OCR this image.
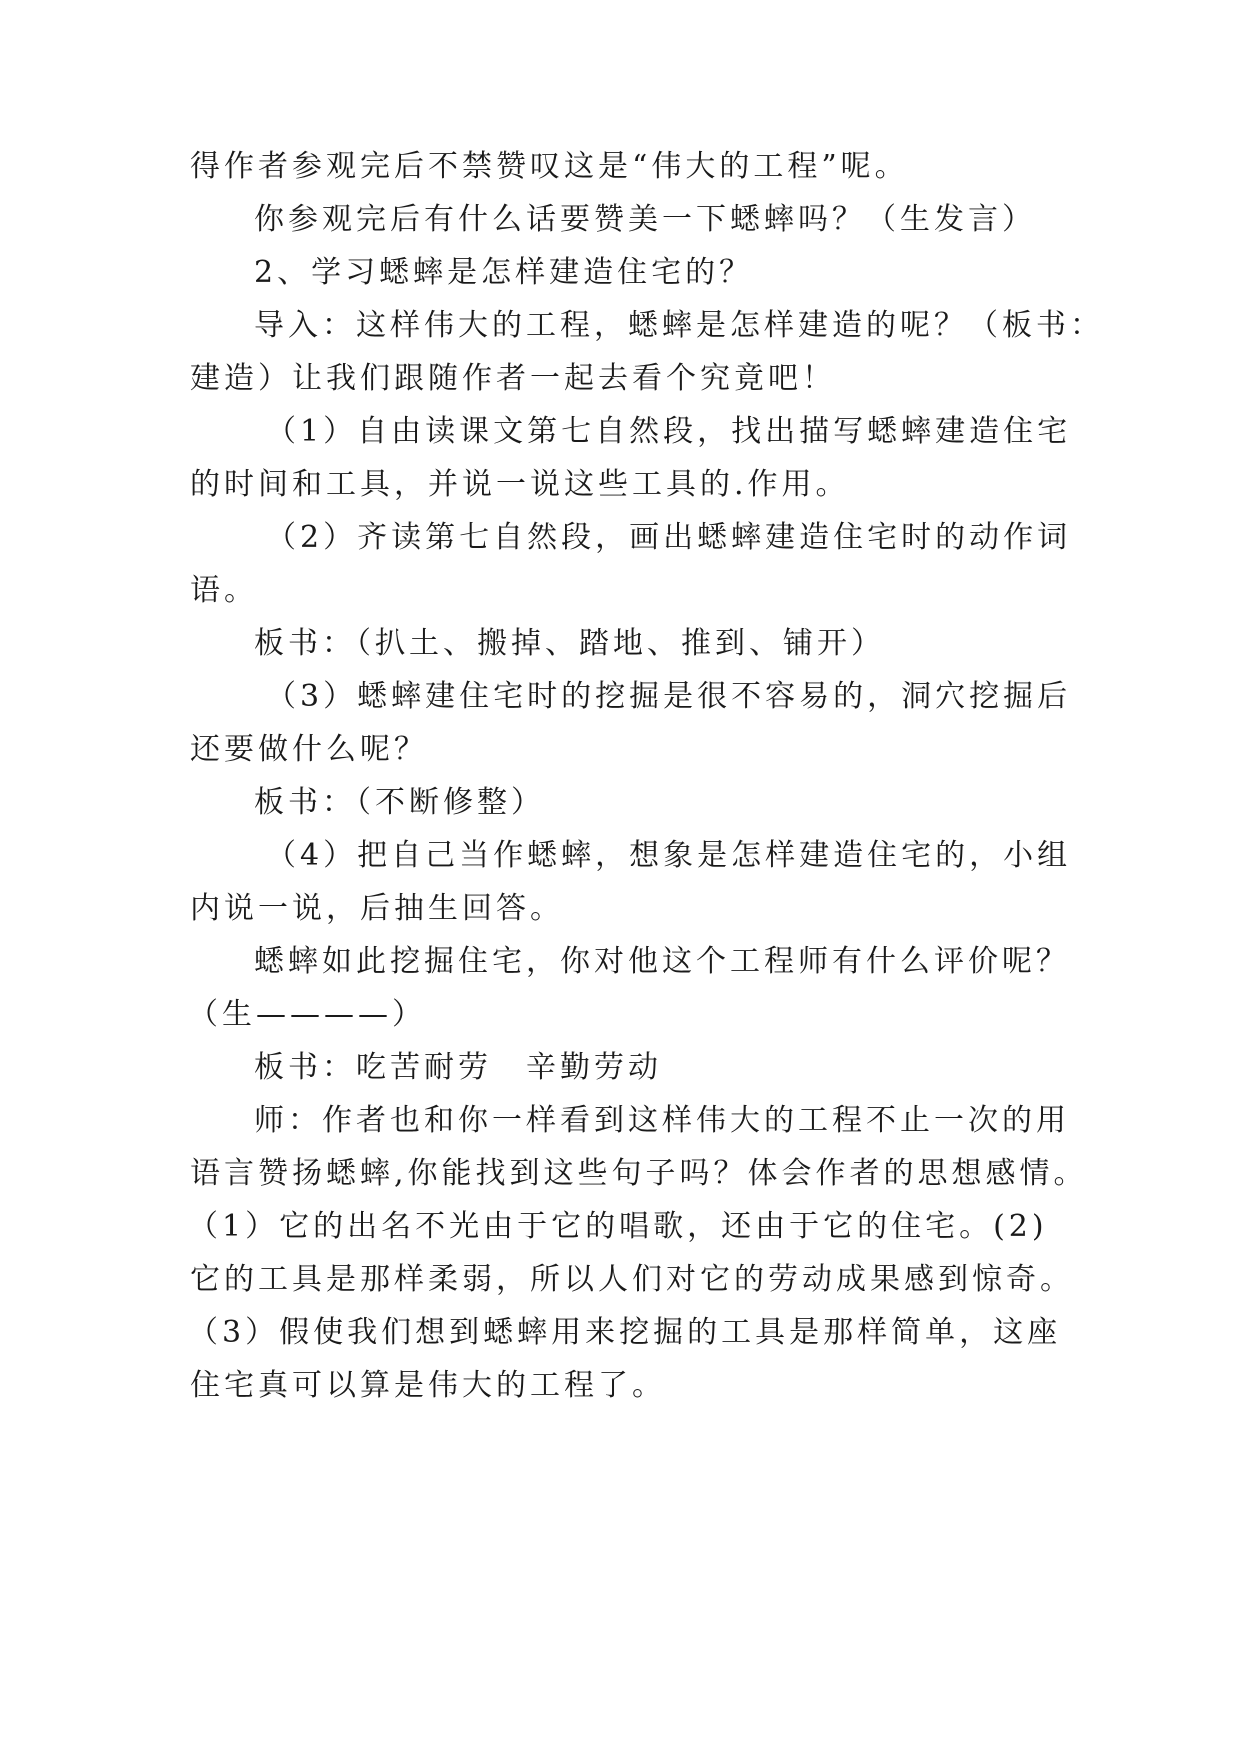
得作者参观完后不禁赞叹这是“伟大的工程”呢。
你参观完后有什么话要赞美一下蟋蟀吗？（生发言）
2、学习蟋蟀是怎样建造住宅的？
导入：这样伟大的工程，蟋蟀是怎样建造的呢？（板书：
建造）让我们跟随作者一起去看个究竟吧！
（1）自由读课文第七自然段，找出描写蟋蟀建造住宅
的时间和工具，并说一说这些工具的.作用。
（2）齐读第七自然段，画出蟋蟀建造住宅时的动作词
语。
板书：（扒土、搬掉、踏地、推到、铺开）
（3）蟋蟀建住宅时的挖掘是很不容易的，洞穴挖掘后
还要做什么呢？
板书：（不断修整）
（4）把自己当作蟋蟀，想象是怎样建造住宅的，小组
内说一说，后抽生回答。
蟋蟀如此挖掘住宅，你对他这个工程师有什么评价呢？
（生————）
板书：吃苦耐劳　辛勤劳动
师：作者也和你一样看到这样伟大的工程不止一次的用
语言赞扬蟋蟀,你能找到这些句子吗？体会作者的思想感情。
（1）它的出名不光由于它的唱歌，还由于它的住宅。(2)
它的工具是那样柔弱，所以人们对它的劳动成果感到惊奇。
（3）假使我们想到蟋蟀用来挖掘的工具是那样简单，这座
住宅真可以算是伟大的工程了。
